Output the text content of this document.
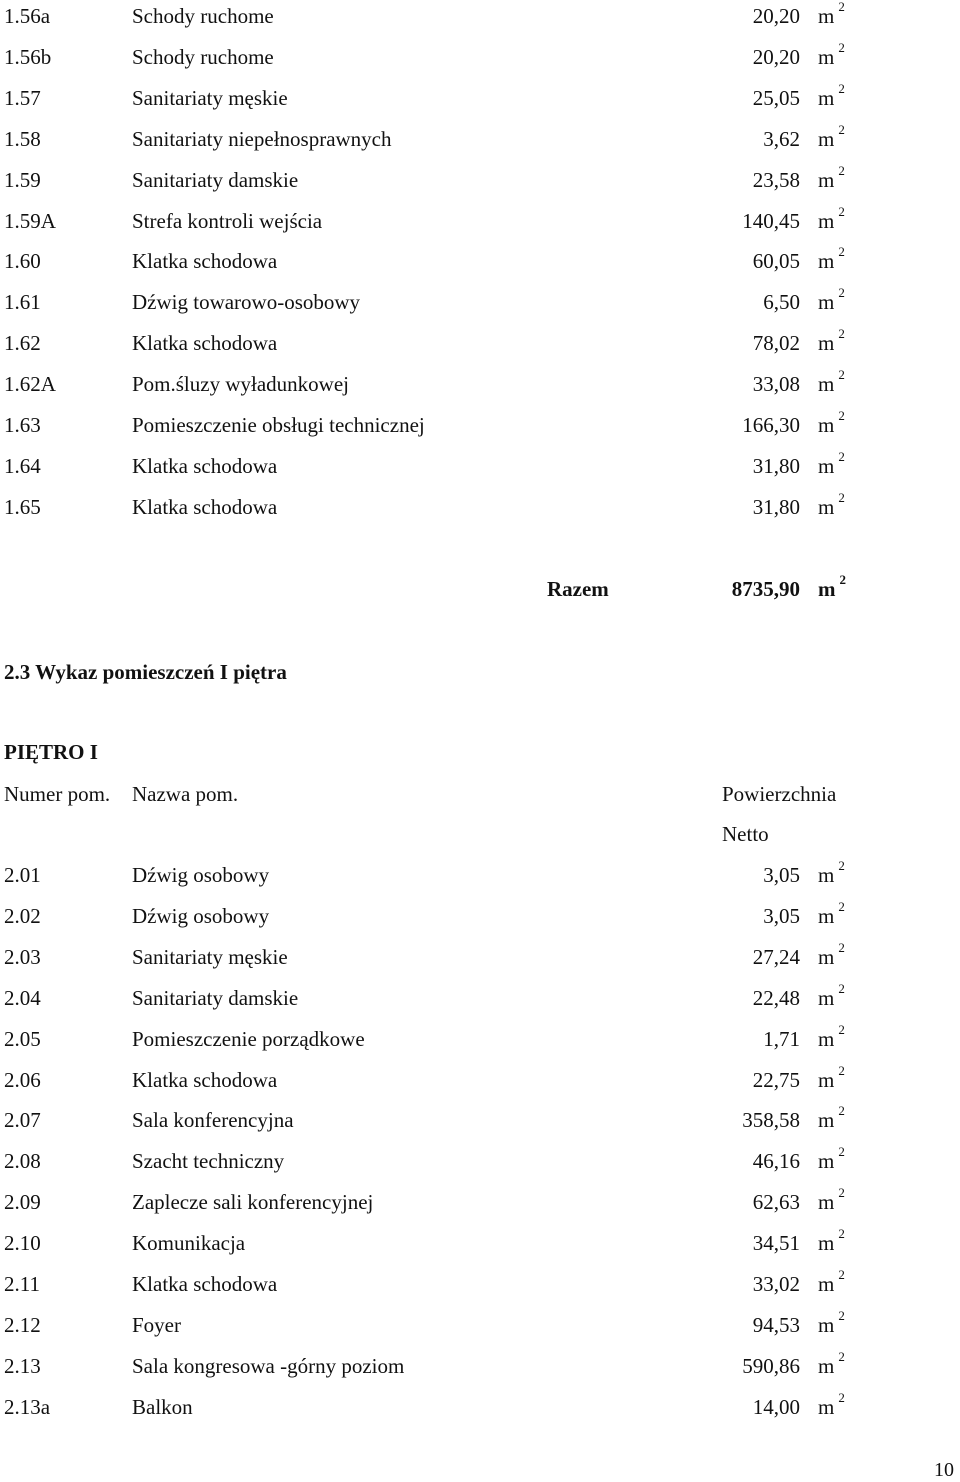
1.56a	Schody ruchome	20,20 m $^2$
1.56b	Schody ruchome	20,20 m $^2$
1.57	Sanitariaty męskie	25,05 m $^2$
1.58	Sanitariaty niepełnosprawnych	3,62 m $^2$
1.59	Sanitariaty damskie	23,58 m $^2$
1.59A	Strefa kontroli wejścia	140,45 m $^2$
1.60	Klatka schodowa	60,05 m $^2$
1.61	Dźwig towarowo-osobowy	6,50 m $^2$
1.62	Klatka schodowa	78,02 m $^2$
1.62A	Pom.śluzy wyładunkowej	33,08 m $^2$
1.63	Pomieszczenie obsługi technicznej	166,30 m $^2$
1.64	Klatka schodowa	31,80 m $^2$
1.65	Klatka schodowa	31,80 m $^2$
Razem	8735,90 m $^2$
2.3 Wykaz pomieszczeń I piętra
PIĘTRO I
Numer pom. Nazwa pom.	Powierzchnia
Netto
2.01	Dźwig osobowy	3,05 m $^2$
2.02	Dźwig osobowy	3,05 m $^2$
2.03	Sanitariaty męskie	27,24 m $^2$
2.04	Sanitariaty damskie	22,48 m $^2$
2.05	Pomieszczenie porządkowe	1,71 m $^2$
2.06	Klatka schodowa	22,75 m $^2$
2.07	Sala konferencyjna	358,58 m $^2$
2.08	Szacht techniczny	46,16 m $^2$
2.09	Zaplecze sali konferencyjnej	62,63 m $^2$
2.10	Komunikacja	34,51 m $^2$
2.11	Klatka schodowa	33,02 m $^2$
2.12	Foyer	94,53 m $^2$
2.13	Sala kongresowa -górny poziom	590,86 m $^2$
2.13a	Balkon	14,00 m $^2$
10
